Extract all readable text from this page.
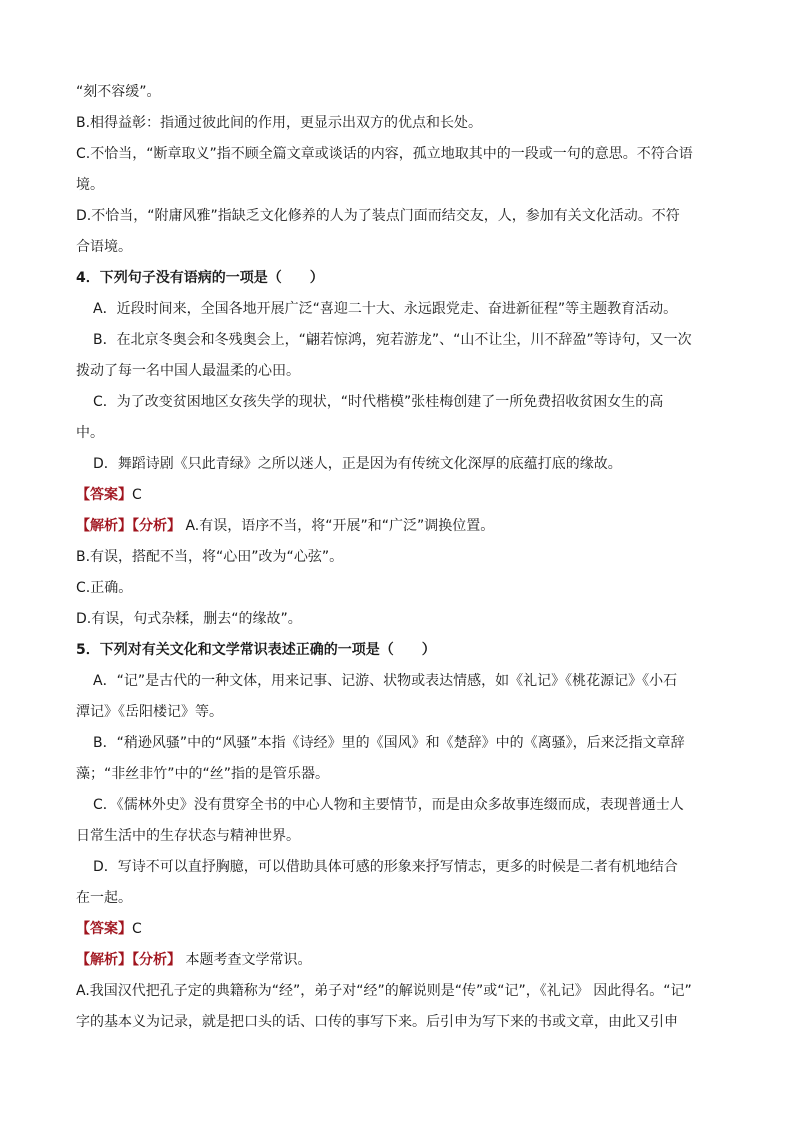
“刻不容缓”。
B.相得益彰：指通过彼此间的作用，更显示出双方的优点和长处。
C.不恰当，“断章取义”指不顾全篇文章或谈话的内容，孤立地取其中的一段或一句的意思。不符合语
境。
D.不恰当，“附庸风雅”指缺乏文化修养的人为了装点门面而结交友，人，参加有关文化活动。不符
合语境。
4．下列句子没有语病的一项是（　　）
A．近段时间来，全国各地开展广泛“喜迎二十大、永远跟党走、奋进新征程”等主题教育活动。
B．在北京冬奥会和冬残奥会上，“翩若惊鸿，宛若游龙”、“山不让尘，川不辞盈”等诗句，又一次
拨动了每一名中国人最温柔的心田。
C．为了改变贫困地区女孩失学的现状，“时代楷模”张桂梅创建了一所免费招收贫困女生的高
中。
D．舞蹈诗剧《只此青绿》之所以迷人，正是因为有传统文化深厚的底蕴打底的缘故。
【答案】C
【解析】【分析】 A.有误，语序不当，将“开展”和“广泛”调换位置。
B.有误，搭配不当，将“心田”改为“心弦”。
C.正确。
D.有误，句式杂糅，删去“的缘故”。
5．下列对有关文化和文学常识表述正确的一项是（　　）
A．“记”是古代的一种文体，用来记事、记游、状物或表达情感，如《礼记》《桃花源记》《小石
潭记》《岳阳楼记》等。
B．“稍逊风骚”中的“风骚”本指《诗经》里的《国风》和《楚辞》中的《离骚》，后来泛指文章辞
藻；“非丝非竹”中的“丝”指的是管乐器。
C．《儒林外史》没有贯穿全书的中心人物和主要情节，而是由众多故事连缀而成，表现普通士人
日常生活中的生存状态与精神世界。
D．写诗不可以直抒胸臆，可以借助具体可感的形象来抒写情志，更多的时候是二者有机地结合
在一起。
【答案】C
【解析】【分析】 本题考查文学常识。
A.我国汉代把孔子定的典籍称为“经”，弟子对“经”的解说则是“传”或“记”，《礼记》 因此得名。“记”
字的基本义为记录，就是把口头的话、口传的事写下来。后引申为写下来的书或文章，由此又引申
